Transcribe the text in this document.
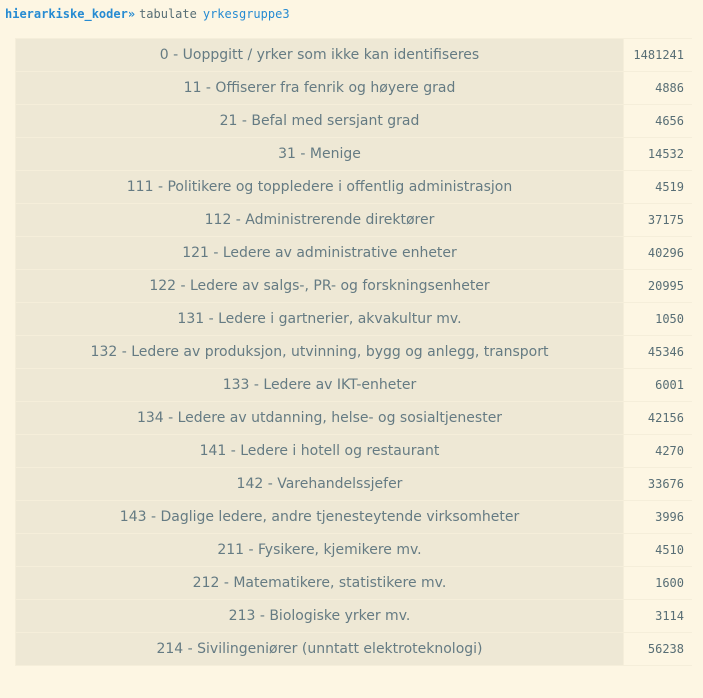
hierarkiske_koder» tabulate yrkesgruppe3
0 - Uoppgitt / yrker som ikke kan identifiseres	1481241
11 - Offiserer fra fenrik og høyere grad	4886
21 - Befal med sersjant grad	4656
31 - Menige	14532
111 - Politikere og toppledere i offentlig administrasjon	4519
112 - Administrerende direktører	37175
121 - Ledere av administrative enheter	40296
122 - Ledere av salgs-, PR- og forskningsenheter	20995
131 - Ledere i gartnerier, akvakultur mv.	1050
132 - Ledere av produksjon, utvinning, bygg og anlegg, transport	45346
133 - Ledere av IKT-enheter	6001
134 - Ledere av utdanning, helse- og sosialtjenester	42156
141 - Ledere i hotell og restaurant	4270
142 - Varehandelssjefer	33676
143 - Daglige ledere, andre tjenesteytende virksomheter	3996
211 - Fysikere, kjemikere mv.	4510
212 - Matematikere, statistikere mv.	1600
213 - Biologiske yrker mv.	3114
214 - Sivilingeniører (unntatt elektroteknologi)	56238
